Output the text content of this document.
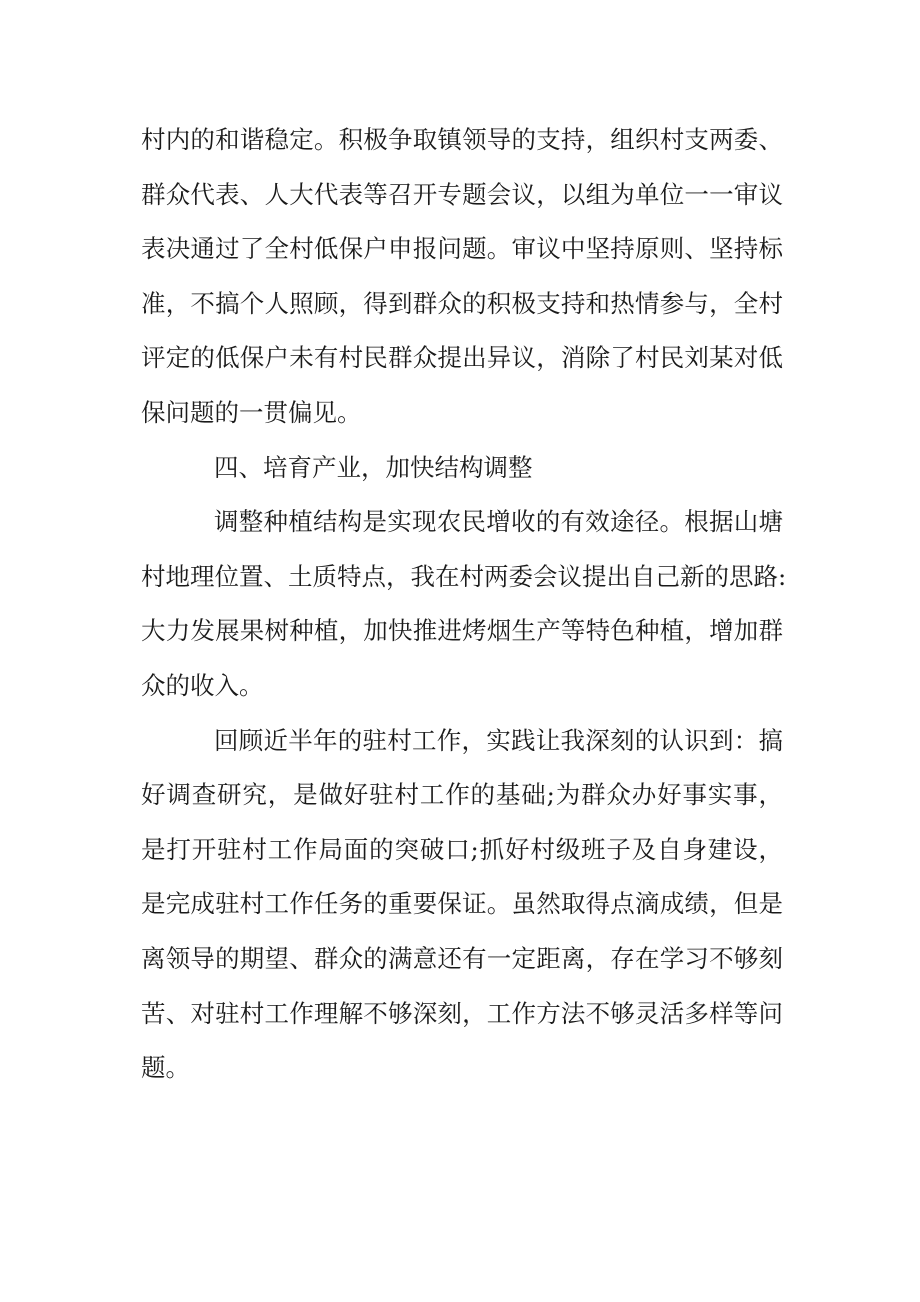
村内的和谐稳定。积极争取镇领导的支持，组织村支两委、
群众代表、人大代表等召开专题会议，以组为单位一一审议
表决通过了全村低保户申报问题。审议中坚持原则、坚持标
准，不搞个人照顾，得到群众的积极支持和热情参与，全村
评定的低保户未有村民群众提出异议，消除了村民刘某对低
保问题的一贯偏见。
四、培育产业，加快结构调整
调整种植结构是实现农民增收的有效途径。根据山塘
村地理位置、土质特点，我在村两委会议提出自己新的思路:
大力发展果树种植，加快推进烤烟生产等特色种植，增加群
众的收入。
回顾近半年的驻村工作，实践让我深刻的认识到：搞
好调查研究，是做好驻村工作的基础;为群众办好事实事，
是打开驻村工作局面的突破口;抓好村级班子及自身建设，
是完成驻村工作任务的重要保证。虽然取得点滴成绩，但是
离领导的期望、群众的满意还有一定距离，存在学习不够刻
苦、对驻村工作理解不够深刻，工作方法不够灵活多样等问
题。
